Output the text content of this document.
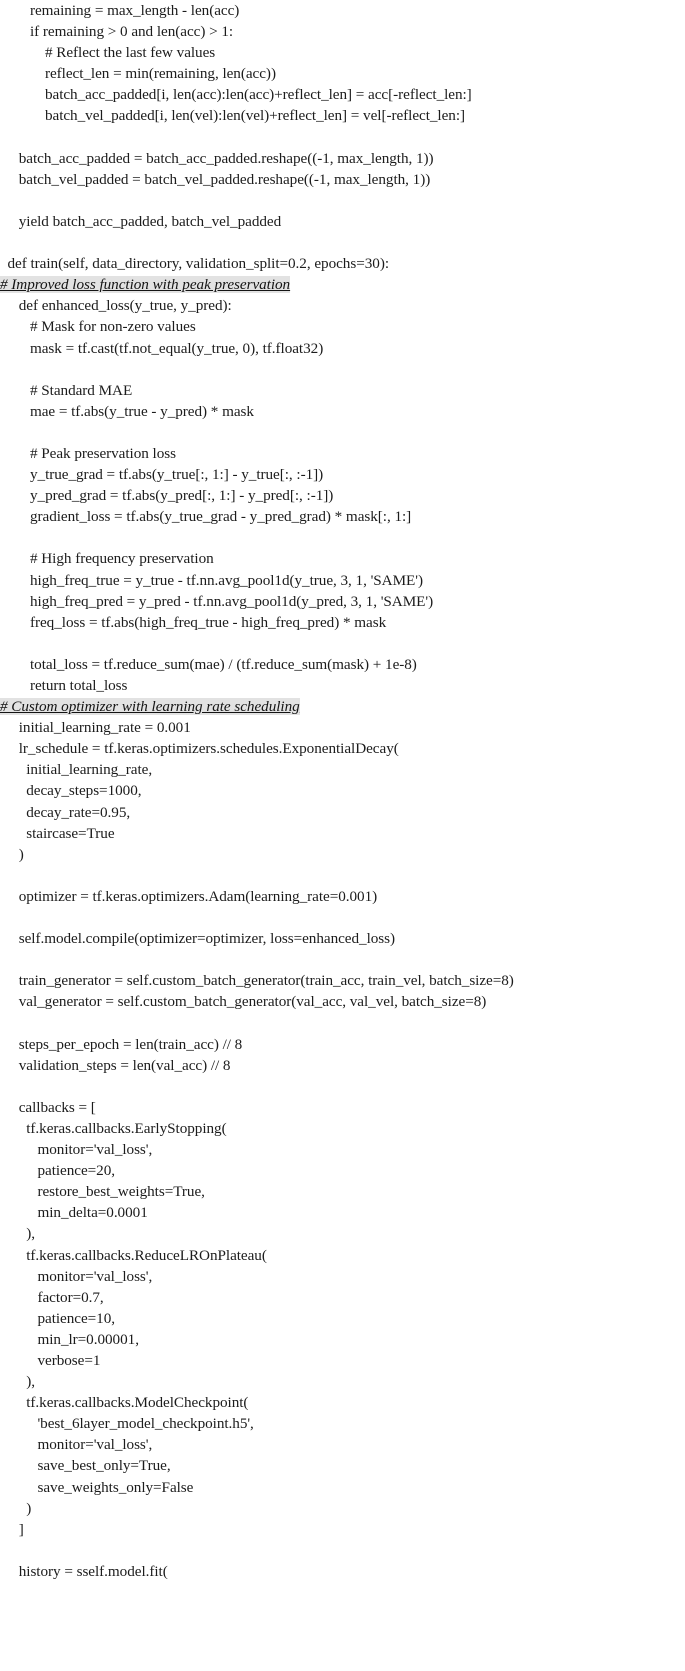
remaining = max_length - len(acc)
if remaining > 0 and len(acc) > 1:
# Reflect the last few values
reflect_len = min(remaining, len(acc))
batch_acc_padded[i, len(acc):len(acc)+reflect_len] = acc[-reflect_len:]
batch_vel_padded[i, len(vel):len(vel)+reflect_len] = vel[-reflect_len:]

batch_acc_padded = batch_acc_padded.reshape((-1, max_length, 1))
batch_vel_padded = batch_vel_padded.reshape((-1, max_length, 1))

yield batch_acc_padded, batch_vel_padded

def train(self, data_directory, validation_split=0.2, epochs=30):
# Improved loss function with peak preservation
def enhanced_loss(y_true, y_pred):
# Mask for non-zero values
mask = tf.cast(tf.not_equal(y_true, 0), tf.float32)

# Standard MAE
mae = tf.abs(y_true - y_pred) * mask

# Peak preservation loss
y_true_grad = tf.abs(y_true[:, 1:] - y_true[:, :-1])
y_pred_grad = tf.abs(y_pred[:, 1:] - y_pred[:, :-1])
gradient_loss = tf.abs(y_true_grad - y_pred_grad) * mask[:, 1:]

# High frequency preservation
high_freq_true = y_true - tf.nn.avg_pool1d(y_true, 3, 1, 'SAME')
high_freq_pred = y_pred - tf.nn.avg_pool1d(y_pred, 3, 1, 'SAME')
freq_loss = tf.abs(high_freq_true - high_freq_pred) * mask

total_loss = tf.reduce_sum(mae) / (tf.reduce_sum(mask) + 1e-8)
return total_loss
# Custom optimizer with learning rate scheduling
initial_learning_rate = 0.001
lr_schedule = tf.keras.optimizers.schedules.ExponentialDecay(
initial_learning_rate,
decay_steps=1000,
decay_rate=0.95,
staircase=True
)

optimizer = tf.keras.optimizers.Adam(learning_rate=0.001)

self.model.compile(optimizer=optimizer, loss=enhanced_loss)

train_generator = self.custom_batch_generator(train_acc, train_vel, batch_size=8)
val_generator = self.custom_batch_generator(val_acc, val_vel, batch_size=8)

steps_per_epoch = len(train_acc) // 8
validation_steps = len(val_acc) // 8

callbacks = [
tf.keras.callbacks.EarlyStopping(
monitor='val_loss',
patience=20,
restore_best_weights=True,
min_delta=0.0001
),
tf.keras.callbacks.ReduceLROnPlateau(
monitor='val_loss',
factor=0.7,
patience=10,
min_lr=0.00001,
verbose=1
),
tf.keras.callbacks.ModelCheckpoint(
'best_6layer_model_checkpoint.h5',
monitor='val_loss',
save_best_only=True,
save_weights_only=False
)
]

history = sself.model.fit(
